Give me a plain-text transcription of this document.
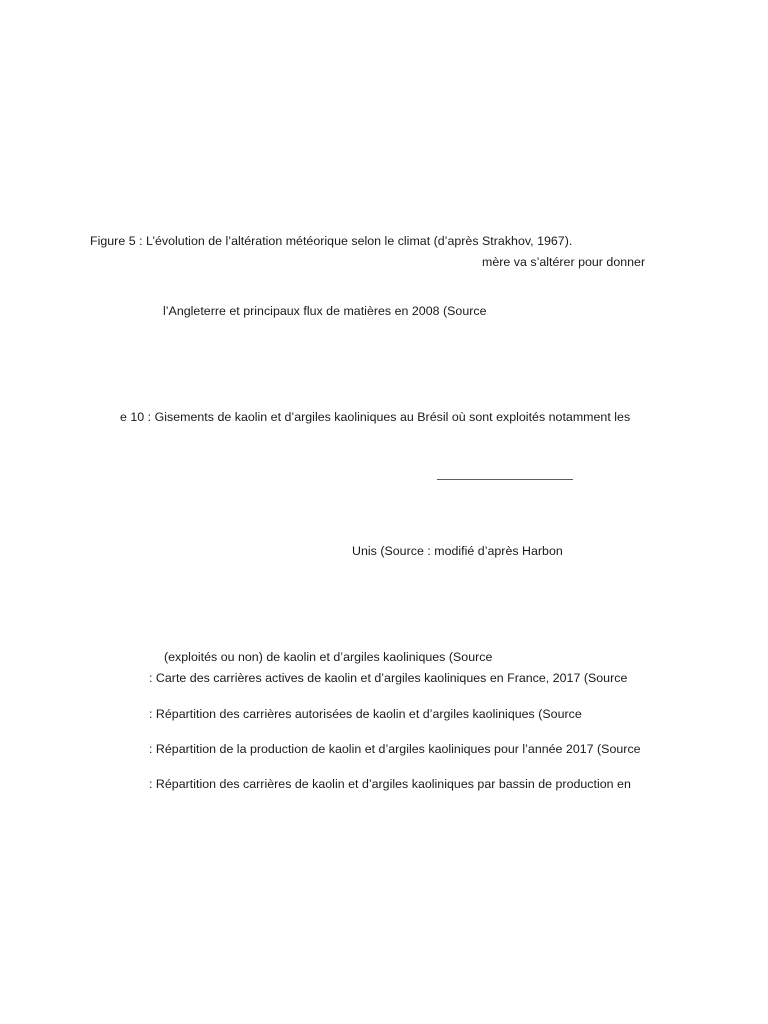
Figure 5 : L’évolution de l’altération météorique selon le climat (d’après Strakhov, 1967).
mère va s’altérer pour donner
l’Angleterre et principaux flux de matières en 2008 (Source
e 10 : Gisements de kaolin et d’argiles kaoliniques au Brésil où sont exploités notamment les
Unis (Source : modifié d’après Harbon
(exploités ou non) de kaolin et d’argiles kaoliniques (Source
: Carte des carrières actives de kaolin et d’argiles kaoliniques en France, 2017 (Source
: Répartition des carrières autorisées de kaolin et d’argiles kaoliniques (Source
: Répartition de la production de kaolin et d’argiles kaoliniques pour l’année 2017 (Source
: Répartition des carrières de kaolin et d’argiles kaoliniques par bassin de production en
